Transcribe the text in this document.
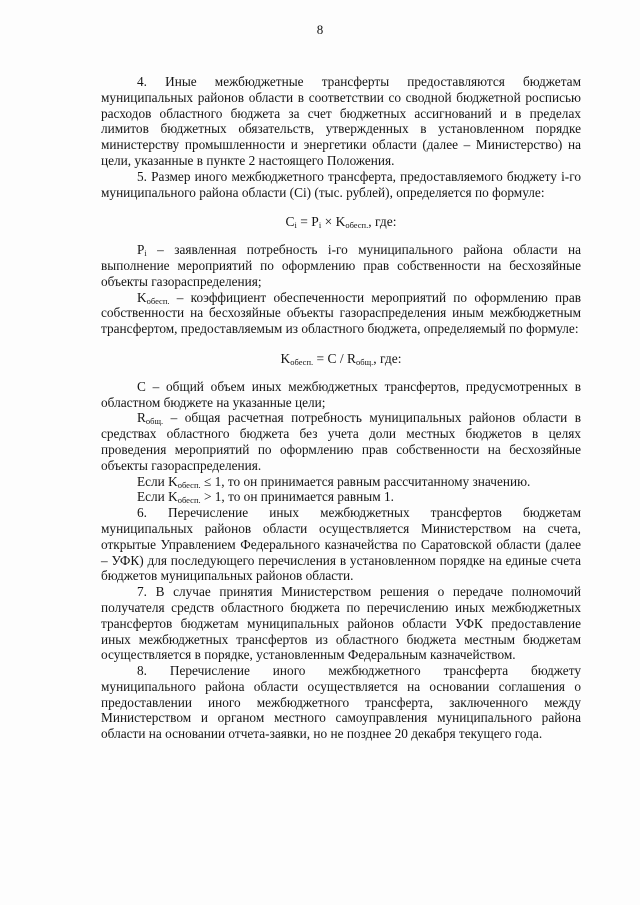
8

4. Иные межбюджетные трансферты предоставляются бюджетам муниципальных районов области в соответствии со сводной бюджетной росписью расходов областного бюджета за счет бюджетных ассигнований и в пределах лимитов бюджетных обязательств, утвержденных в установленном порядке министерству промышленности и энергетики области (далее – Министерство) на цели, указанные в пункте 2 настоящего Положения.

5. Размер иного межбюджетного трансферта, предоставляемого бюджету i-го муниципального района области (Ci) (тыс. рублей), определяется по формуле:

$C_i = P_i \times K_{обесп.}$, где:

$P_i$ – заявленная потребность i-го муниципального района области на выполнение мероприятий по оформлению прав собственности на бесхозяйные объекты газораспределения;

$K_{обесп.}$ – коэффициент обеспеченности мероприятий по оформлению прав собственности на бесхозяйные объекты газораспределения иным межбюджетным трансфертом, предоставляемым из областного бюджета, определяемый по формуле:

$K_{обесп.} = C / R_{общ.}$, где:

C – общий объем иных межбюджетных трансфертов, предусмотренных в областном бюджете на указанные цели;

$R_{общ.}$ – общая расчетная потребность муниципальных районов области в средствах областного бюджета без учета доли местных бюджетов в целях проведения мероприятий по оформлению прав собственности на бесхозяйные объекты газораспределения.

Если $K_{обесп.} \le 1$, то он принимается равным рассчитанному значению.

Если $K_{обесп.} > 1$, то он принимается равным 1.

6. Перечисление иных межбюджетных трансфертов бюджетам муниципальных районов области осуществляется Министерством на счета, открытые Управлением Федерального казначейства по Саратовской области (далее – УФК) для последующего перечисления в установленном порядке на единые счета бюджетов муниципальных районов области.

7. В случае принятия Министерством решения о передаче полномочий получателя средств областного бюджета по перечислению иных межбюджетных трансфертов бюджетам муниципальных районов области УФК предоставление иных межбюджетных трансфертов из областного бюджета местным бюджетам осуществляется в порядке, установленным Федеральным казначейством.

8. Перечисление иного межбюджетного трансферта бюджету муниципального района области осуществляется на основании соглашения о предоставлении иного межбюджетного трансферта, заключенного между Министерством и органом местного самоуправления муниципального района области на основании отчета-заявки, но не позднее 20 декабря текущего года.
